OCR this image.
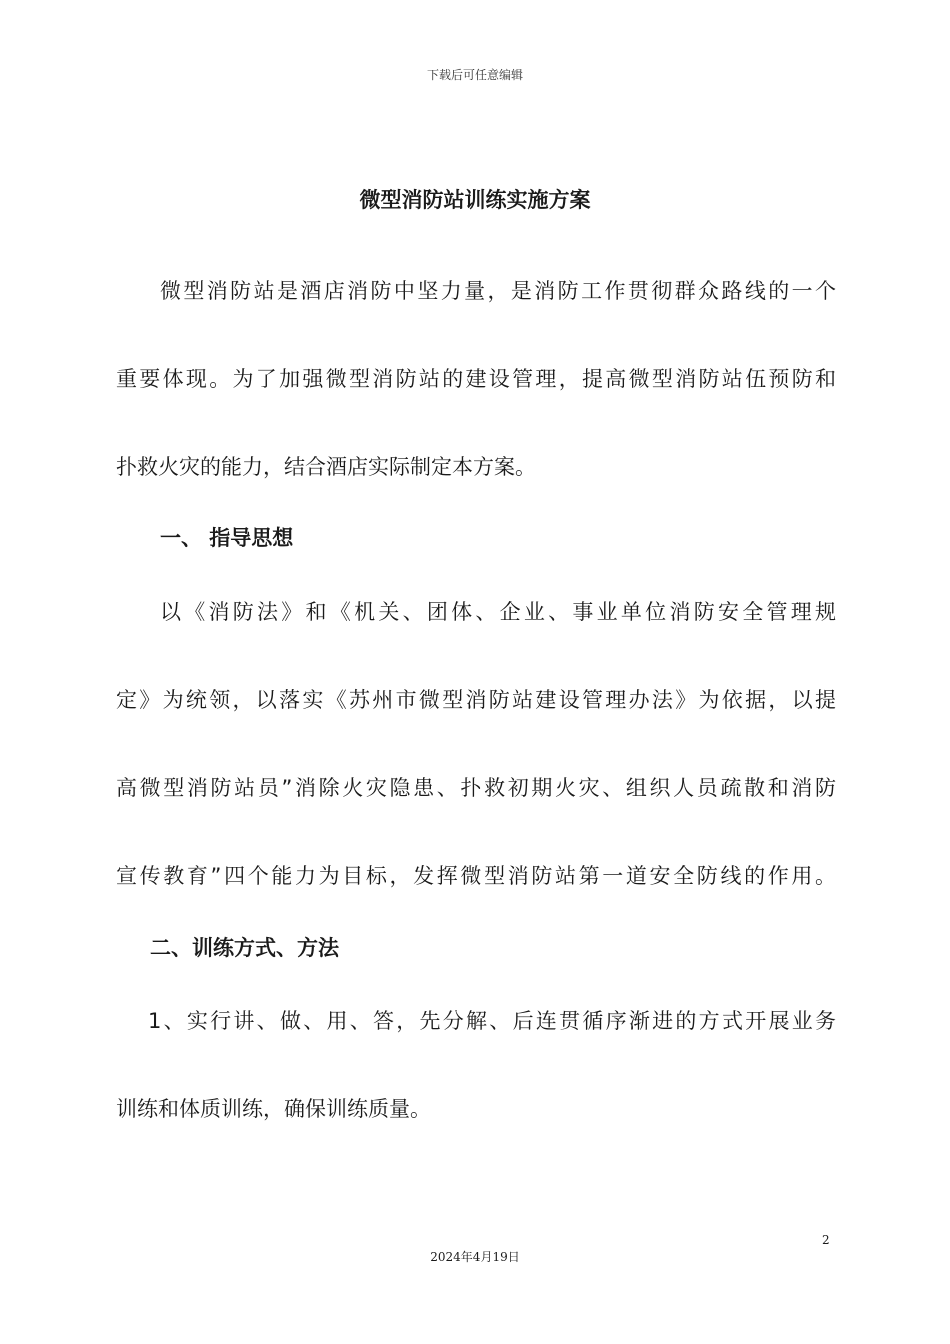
下载后可任意编辑
微型消防站训练实施方案
微型消防站是酒店消防中坚力量，是消防工作贯彻群众路线的一个
重要体现。为了加强微型消防站的建设管理，提高微型消防站伍预防和
扑救火灾的能力，结合酒店实际制定本方案。
一、 指导思想
以《消防法》和《机关、团体、企业、事业单位消防安全管理规
定》为统领，以落实《苏州市微型消防站建设管理办法》为依据，以提
高微型消防站员”消除火灾隐患、扑救初期火灾、组织人员疏散和消防
宣传教育”四个能力为目标，发挥微型消防站第一道安全防线的作用。
二、训练方式、方法
1、实行讲、做、用、答，先分解、后连贯循序渐进的方式开展业务
训练和体质训练，确保训练质量。
2
2024年4月19日
